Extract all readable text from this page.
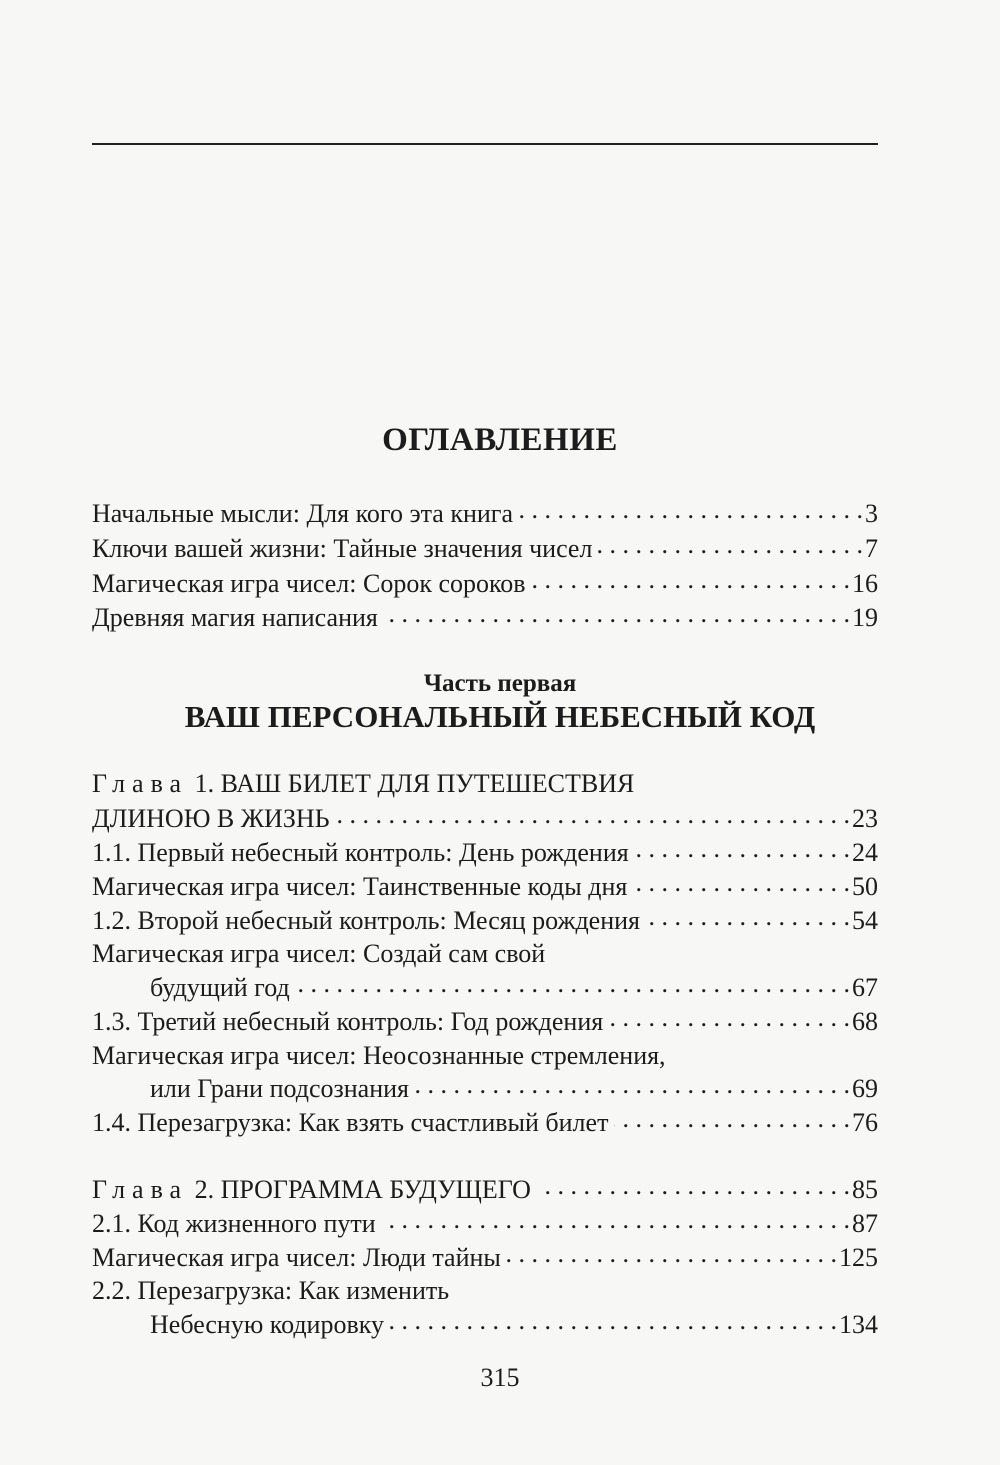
ОГЛАВЛЕНИЕ
Начальные мысли: Для кого эта книга . . .	3
Ключи вашей жизни: Тайные значения чисел . . .	7
Магическая игра чисел: Сорок сороков . . .	16
Древняя магия написания . . .	19
Часть первая
ВАШ ПЕРСОНАЛЬНЫЙ НЕБЕСНЫЙ КОД
Глава 1. ВАШ БИЛЕТ ДЛЯ ПУТЕШЕСТВИЯ
ДЛИНОЮ В ЖИЗНЬ . . .	23
1.1. Первый небесный контроль: День рождения . . .	24
Магическая игра чисел: Таинственные коды дня . . .	50
1.2. Второй небесный контроль: Месяц рождения . . .	54
Магическая игра чисел: Создай сам свой
будущий год . . .	67
1.3. Третий небесный контроль: Год рождения . . .	68
Магическая игра чисел: Неосознанные стремления,
или Грани подсознания . . .	69
1.4. Перезагрузка: Как взять счастливый билет . . .	76
Глава 2. ПРОГРАММА БУДУЩЕГО . . .	85
2.1. Код жизненного пути . . .	87
Магическая игра чисел: Люди тайны . . .	125
2.2. Перезагрузка: Как изменить
Небесную кодировку . . .	134
315
